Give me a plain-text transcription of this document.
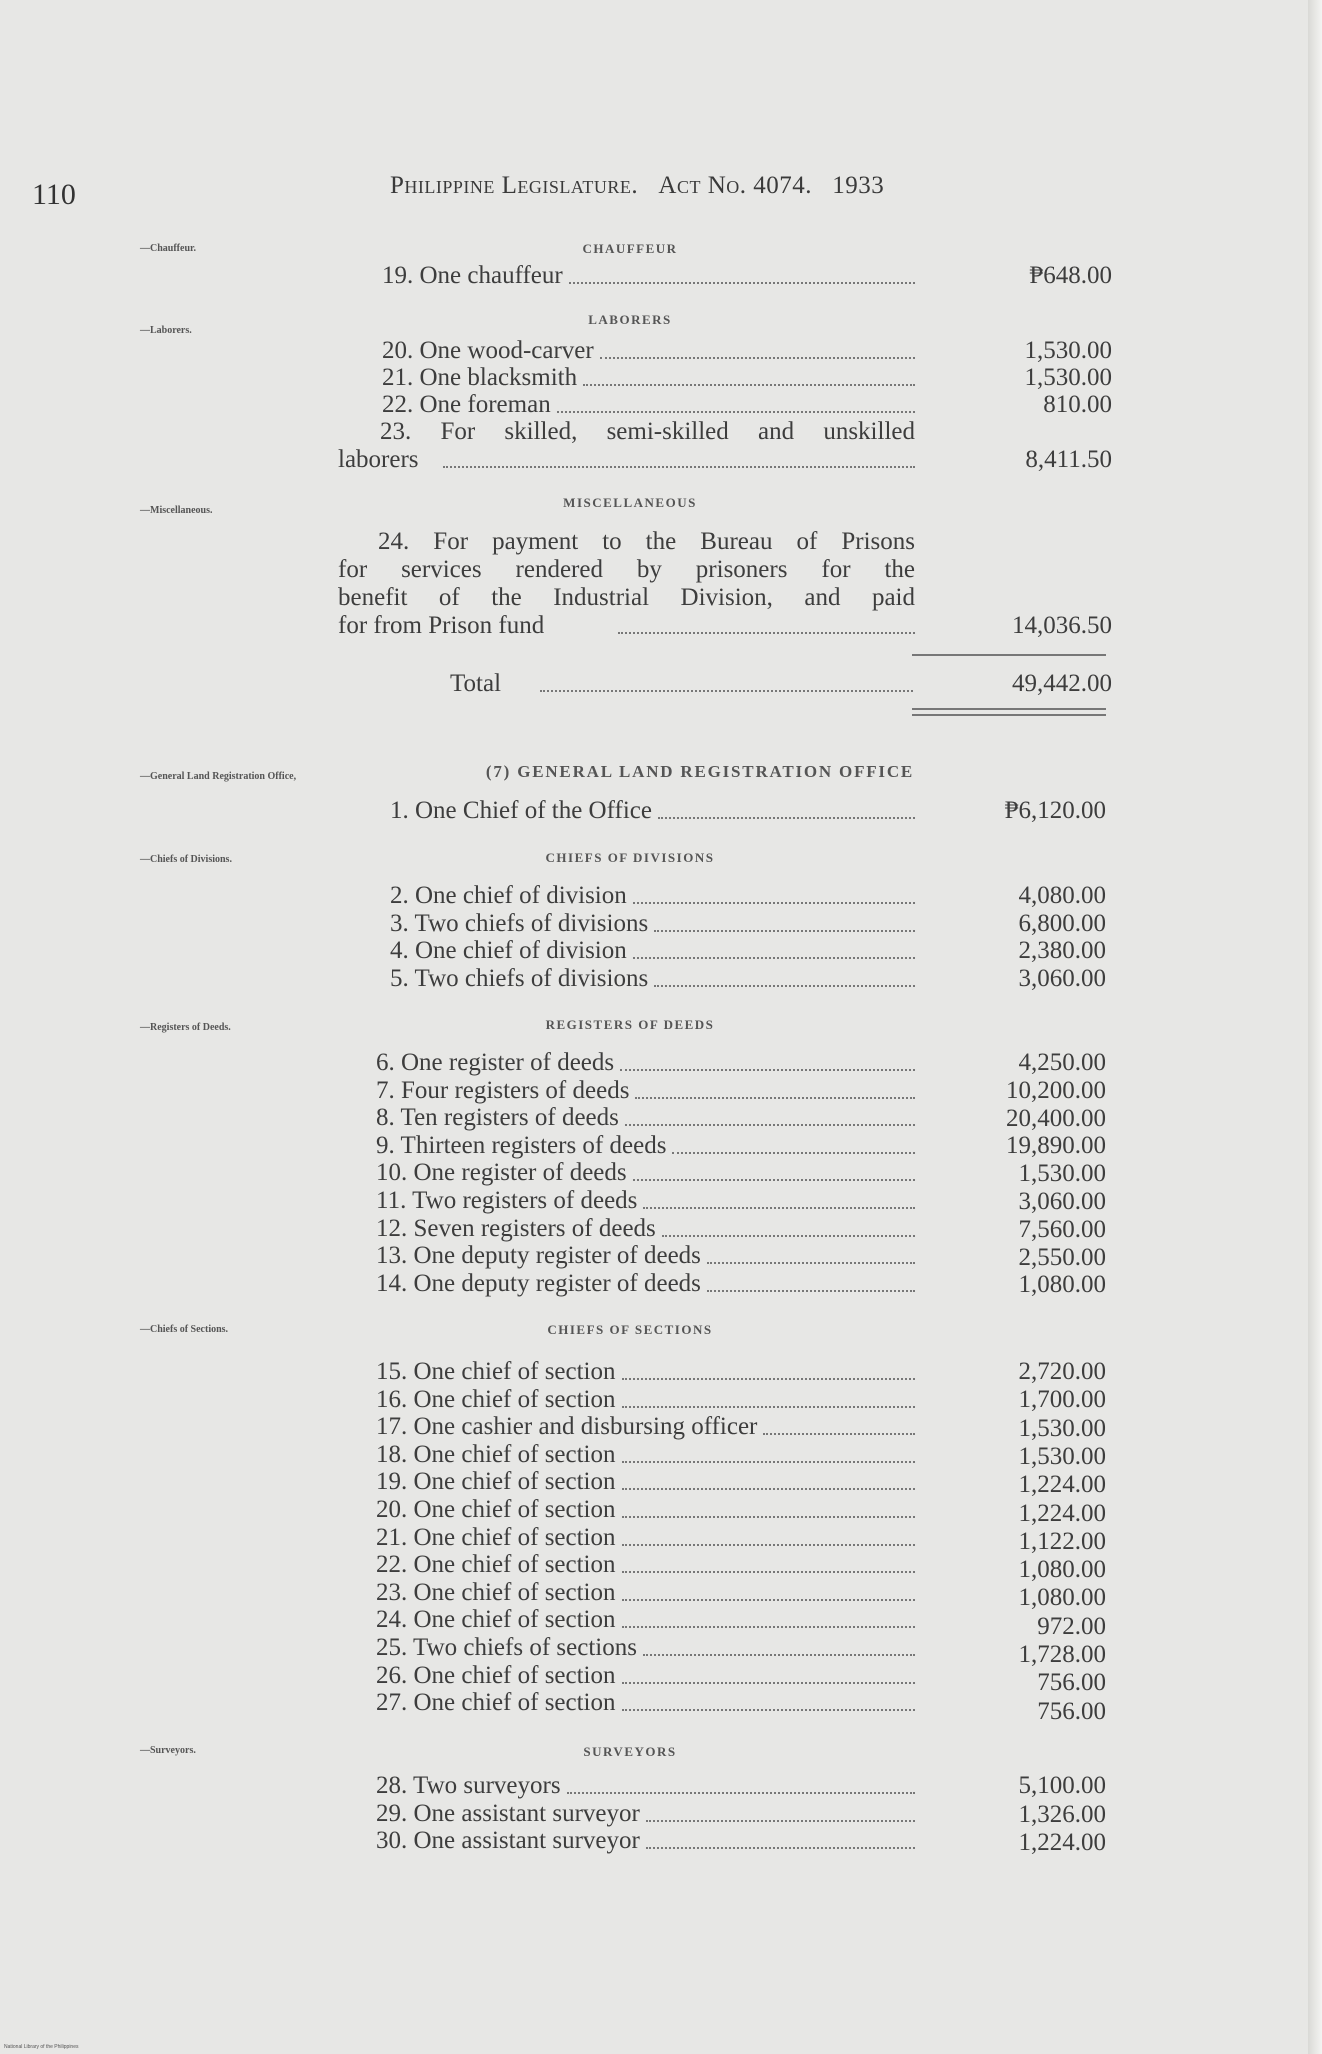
110	Philippine Legislature. Act No. 4074. 1933
—Chauffeur.
—Laborers.
—Miscellaneous.
—General Land Registration Office,
—Chiefs of Divisions.
—Registers of Deeds.
—Chiefs of Sections.
—Surveyors.
CHAUFFEUR
LABORERS
MISCELLANEOUS
(7) GENERAL LAND REGISTRATION OFFICE
CHIEFS OF DIVISIONS
REGISTERS OF DEEDS
CHIEFS OF SECTIONS
SURVEYORS
19. One chauffeur	₱648.00
20. One wood-carver	1,530.00
21. One blacksmith	1,530.00
22. One foreman	810.00
1. One Chief of the Office	₱6,120.00
2. One chief of division	4,080.00
3. Two chiefs of divisions	6,800.00
4. One chief of division	2,380.00
5. Two chiefs of divisions	3,060.00
6. One register of deeds	4,250.00
7. Four registers of deeds	10,200.00
8. Ten registers of deeds	20,400.00
9. Thirteen registers of deeds	19,890.00
10. One register of deeds	1,530.00
11. Two registers of deeds	3,060.00
12. Seven registers of deeds	7,560.00
13. One deputy register of deeds	2,550.00
14. One deputy register of deeds	1,080.00
15. One chief of section	2,720.00
16. One chief of section	1,700.00
17. One cashier and disbursing officer	1,530.00
18. One chief of section	1,530.00
19. One chief of section	1,224.00
20. One chief of section	1,224.00
21. One chief of section	1,122.00
22. One chief of section	1,080.00
23. One chief of section	1,080.00
24. One chief of section	972.00
25. Two chiefs of sections	1,728.00
26. One chief of section	756.00
27. One chief of section	756.00
28. Two surveyors	5,100.00
29. One assistant surveyor	1,326.00
30. One assistant surveyor	1,224.00
23. For skilled, semi-skilled and unskilled
laborers	8,411.50
24. For payment to the Bureau of Prisons
for services rendered by prisoners for the
benefit of the Industrial Division, and paid
for from Prison fund	14,036.50
Total	49,442.00
National Library of the Philippines
